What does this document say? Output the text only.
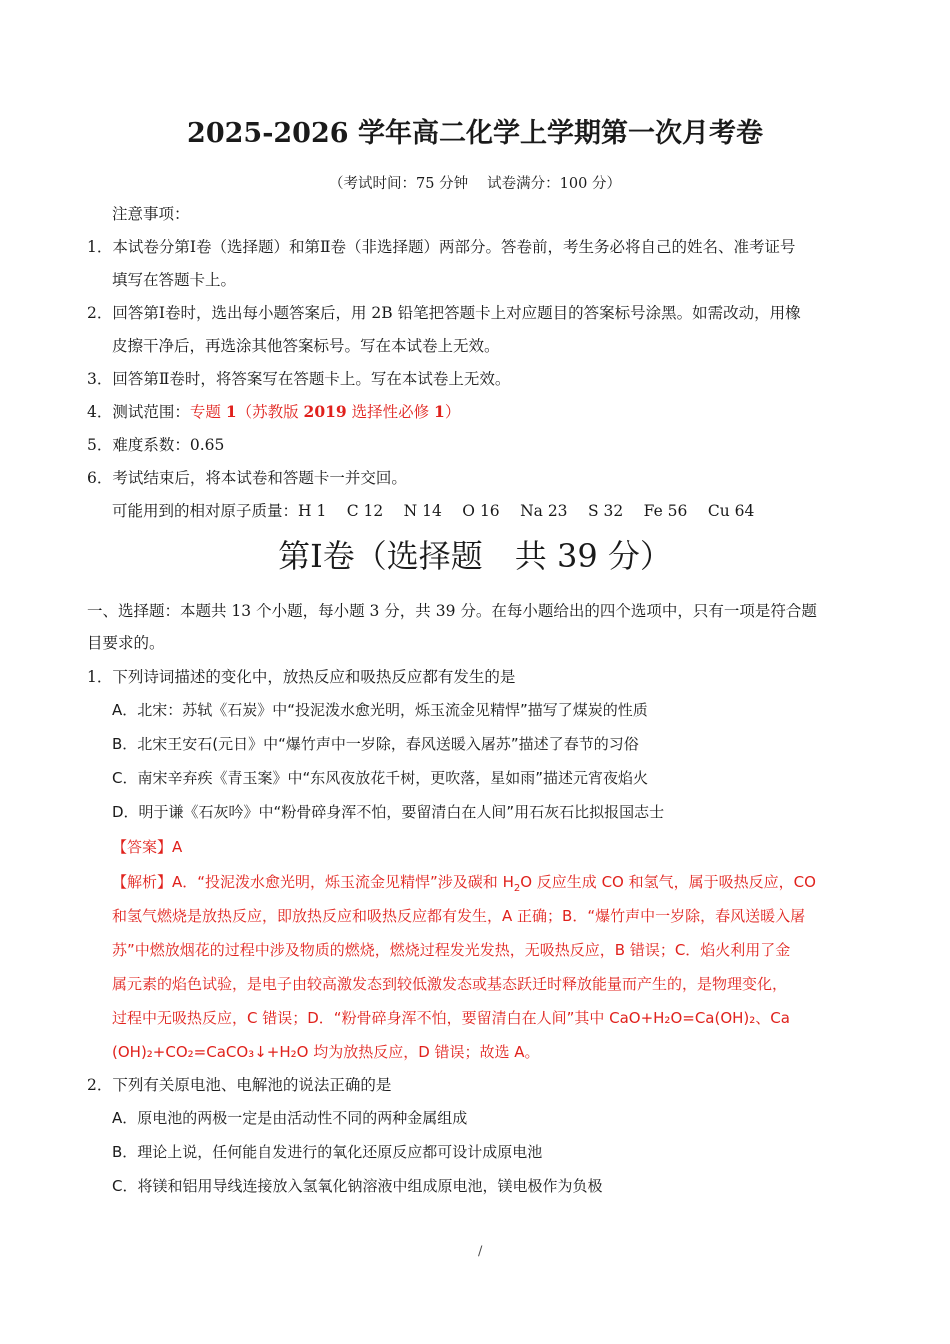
2025-2026 学年高二化学上学期第一次月考卷
（考试时间：75 分钟　 试卷满分：100 分）
注意事项：
1．本试卷分第Ⅰ卷（选择题）和第Ⅱ卷（非选择题）两部分。答卷前，考生务必将自己的姓名、准考证号
填写在答题卡上。
2．回答第Ⅰ卷时，选出每小题答案后，用 2B 铅笔把答题卡上对应题目的答案标号涂黑。如需改动，用橡
皮擦干净后，再选涂其他答案标号。写在本试卷上无效。
3．回答第Ⅱ卷时，将答案写在答题卡上。写在本试卷上无效。
4．测试范围：专题 1（苏教版 2019 选择性必修 1）
5．难度系数：0.65
6．考试结束后，将本试卷和答题卡一并交回。
可能用到的相对原子质量：H 1　 C 12　 N 14　 O 16　 Na 23　 S 32　 Fe 56　 Cu 64
第Ⅰ卷（选择题　共 39 分）
一、选择题：本题共 13 个小题，每小题 3 分，共 39 分。在每小题给出的四个选项中，只有一项是符合题
目要求的。
1．下列诗词描述的变化中，放热反应和吸热反应都有发生的是
A．北宋：苏轼《石炭》中“投泥泼水愈光明，烁玉流金见精悍”描写了煤炭的性质
B．北宋王安石(元日》中“爆竹声中一岁除，春风送暖入屠苏”描述了春节的习俗
C．南宋辛弃疾《青玉案》中“东风夜放花千树，更吹落，星如雨”描述元宵夜焰火
D．明于谦《石灰吟》中“粉骨碎身浑不怕，要留清白在人间”用石灰石比拟报国志士
【答案】A
【解析】A．“投泥泼水愈光明，烁玉流金见精悍”涉及碳和 $H_2O$ 反应生成 CO 和氢气，属于吸热反应，CO
和氢气燃烧是放热反应，即放热反应和吸热反应都有发生，A 正确；B．“爆竹声中一岁除，春风送暖入屠
苏”中燃放烟花的过程中涉及物质的燃烧，燃烧过程发光发热，无吸热反应，B 错误；C．焰火利用了金
属元素的焰色试验，是电子由较高激发态到较低激发态或基态跃迁时释放能量而产生的，是物理变化，
过程中无吸热反应，C 错误；D．“粉骨碎身浑不怕，要留清白在人间”其中 CaO+H₂O=Ca(OH)₂、Ca
(OH)₂+CO₂=CaCO₃↓+H₂O 均为放热反应，D 错误；故选 A。
2．下列有关原电池、电解池的说法正确的是
A．原电池的两极一定是由活动性不同的两种金属组成
B．理论上说，任何能自发进行的氧化还原反应都可设计成原电池
C．将镁和铝用导线连接放入氢氧化钠溶液中组成原电池，镁电极作为负极
/
